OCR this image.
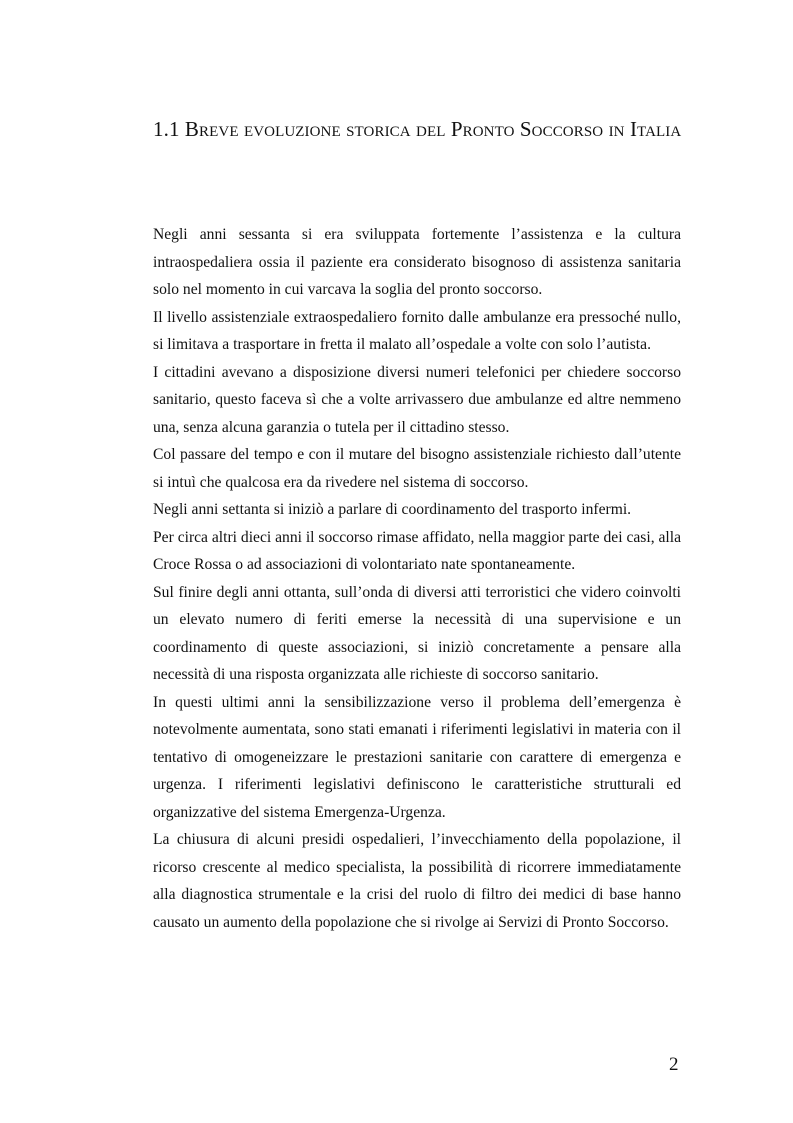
1.1 Breve evoluzione storica del Pronto Soccorso in Italia

Negli anni sessanta si era sviluppata fortemente l’assistenza e la cultura intraospedaliera ossia il paziente era considerato bisognoso di assistenza sanitaria solo nel momento in cui varcava la soglia del pronto soccorso.

Il livello assistenziale extraospedaliero fornito dalle ambulanze era pressoché nullo, si limitava a trasportare in fretta il malato all’ospedale a volte con solo l’autista.

I cittadini avevano a disposizione diversi numeri telefonici per chiedere soccorso sanitario, questo faceva sì che a volte arrivassero due ambulanze ed altre nemmeno una, senza alcuna garanzia o tutela per il cittadino stesso.

Col passare del tempo e con il mutare del bisogno assistenziale richiesto dall’utente si intuì che qualcosa era da rivedere nel sistema di soccorso.

Negli anni settanta si iniziò a parlare di coordinamento del trasporto infermi.

Per circa altri dieci anni il soccorso rimase affidato, nella maggior parte dei casi, alla Croce Rossa o ad associazioni di volontariato nate spontaneamente.

Sul finire degli anni ottanta, sull’onda di diversi atti terroristici che videro coinvolti un elevato numero di feriti emerse la necessità di una supervisione e un coordinamento di queste associazioni, si iniziò concretamente a pensare alla necessità di una risposta organizzata alle richieste di soccorso sanitario.

In questi ultimi anni la sensibilizzazione verso il problema dell’emergenza è notevolmente aumentata, sono stati emanati i riferimenti legislativi in materia con il tentativo di omogeneizzare le prestazioni sanitarie con carattere di emergenza e urgenza. I riferimenti legislativi definiscono le caratteristiche strutturali ed organizzative del sistema Emergenza-Urgenza.

La chiusura di alcuni presidi ospedalieri, l’invecchiamento della popolazione, il ricorso crescente al medico specialista, la possibilità di ricorrere immediatamente alla diagnostica strumentale e la crisi del ruolo di filtro dei medici di base hanno causato un aumento della popolazione che si rivolge ai Servizi di Pronto Soccorso.

2
